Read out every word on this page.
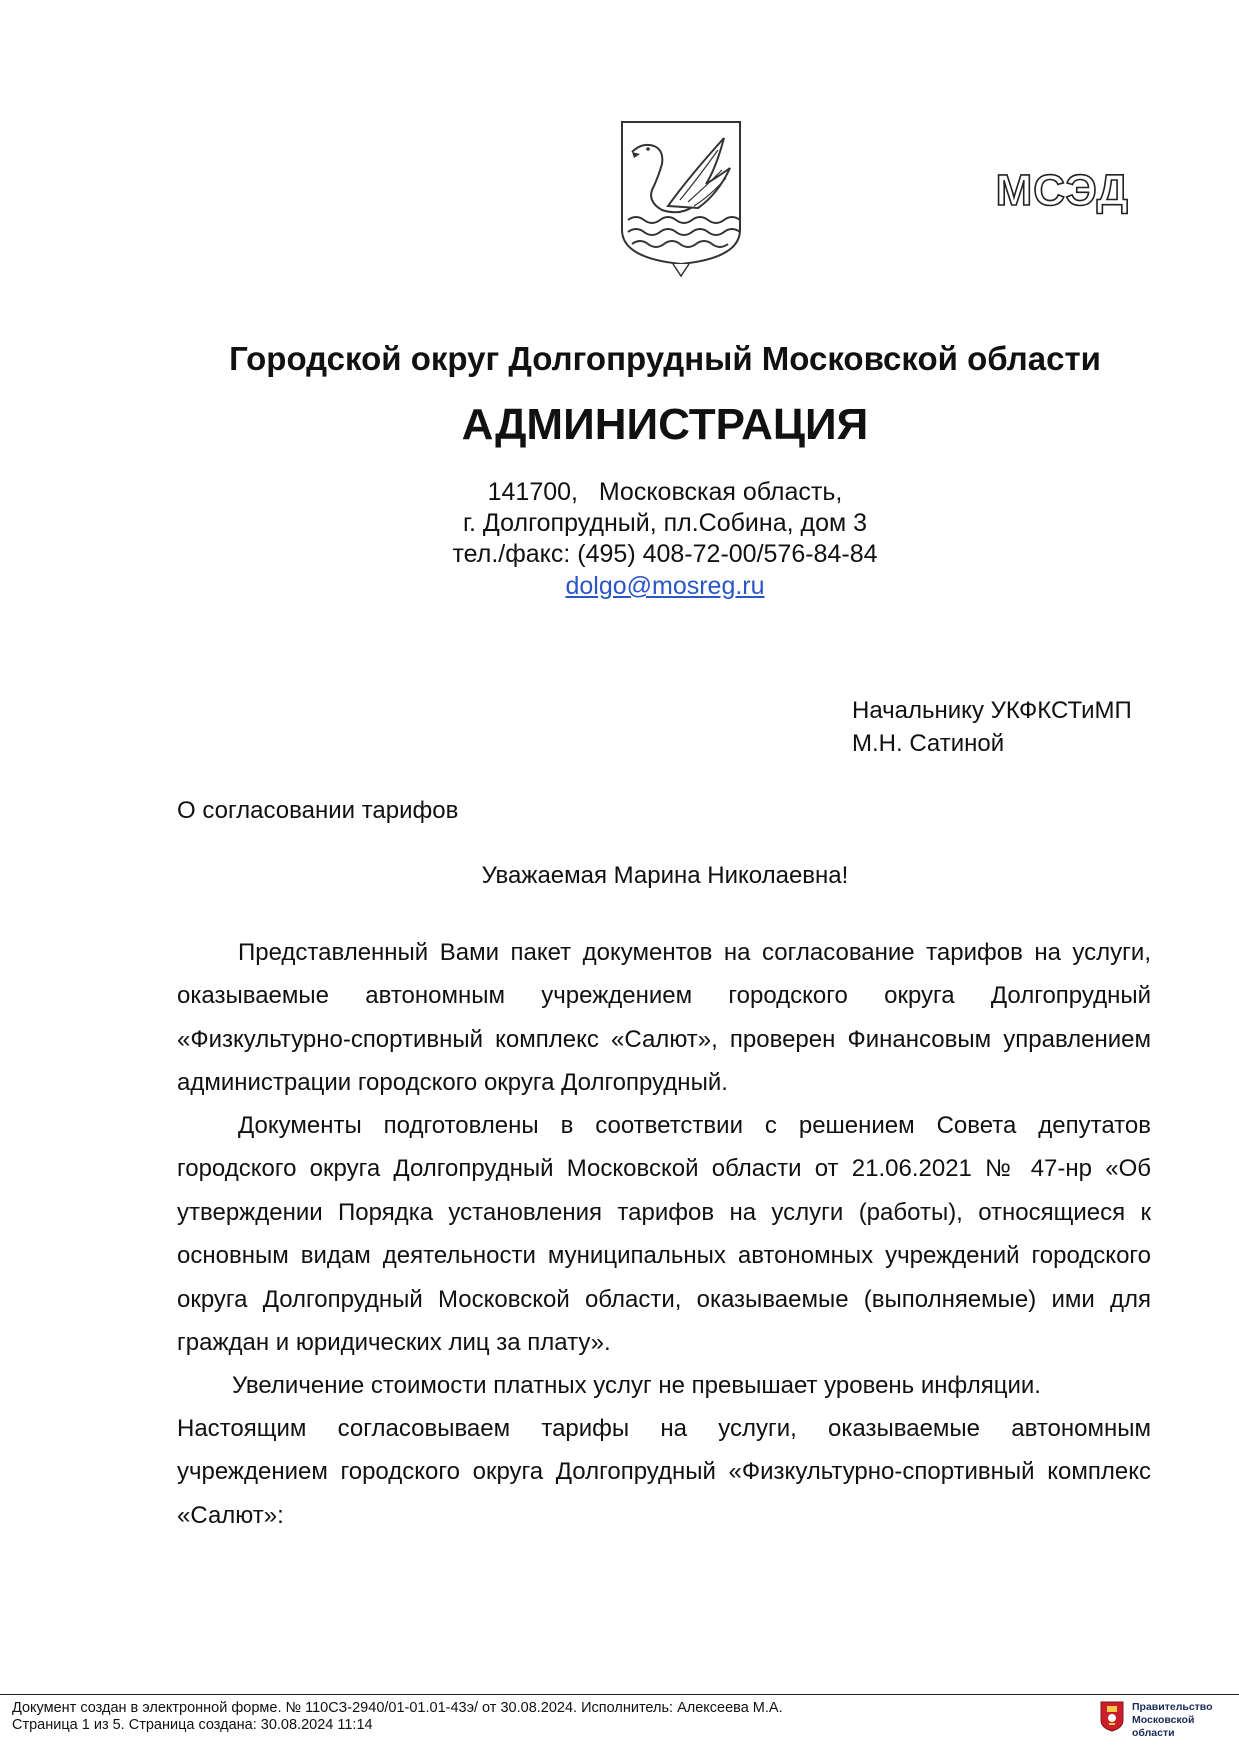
МСЭД
Городской округ Долгопрудный Московской области
АДМИНИСТРАЦИЯ
141700,   Московская область,
г. Долгопрудный, пл.Собина, дом 3
тел./факс: (495) 408-72-00/576-84-84
dolgo@mosreg.ru
Начальнику УКФКСТиМП
М.Н. Сатиной
О согласовании тарифов
Уважаемая Марина Николаевна!
Представленный Вами пакет документов на согласование тарифов на услуги, оказываемые автономным учреждением городского округа Долгопрудный «Физкультурно-спортивный комплекс «Салют», проверен Финансовым управлением администрации городского округа Долгопрудный.
Документы подготовлены в соответствии с решением Совета депутатов городского округа Долгопрудный Московской области от 21.06.2021 № 47-нр «Об утверждении Порядка установления тарифов на услуги (работы), относящиеся к основным видам деятельности муниципальных автономных учреждений городского округа Долгопрудный Московской области, оказываемые (выполняемые) ими для граждан и юридических лиц за плату».
Увеличение стоимости платных услуг не превышает уровень инфляции.
Настоящим согласовываем тарифы на услуги, оказываемые автономным учреждением городского округа Долгопрудный «Физкультурно-спортивный комплекс «Салют»:
Документ создан в электронной форме. № 110СЗ-2940/01-01.01-43э/ от 30.08.2024. Исполнитель: Алексеева М.А.
Страница 1 из 5. Страница создана: 30.08.2024 11:14
Правительство
Московской области
